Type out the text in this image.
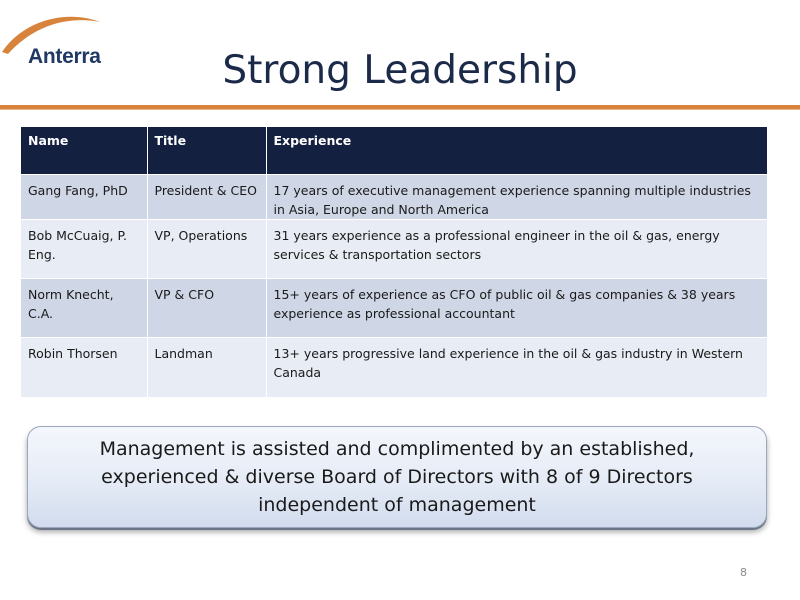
Anterra	Strong Leadership
Name	Title	Experience
Gang Fang, PhD	President & CEO	17 years of executive management experience spanning multiple industries in Asia, Europe and North America
Bob McCuaig, P. Eng.	VP, Operations	31 years experience as a professional engineer in the oil & gas, energy services & transportation sectors
Norm Knecht, C.A.	VP & CFO	15+ years of experience as CFO of public oil & gas companies & 38 years experience as professional accountant
Robin Thorsen	Landman	13+ years progressive land experience in the oil & gas industry in Western Canada
Management is assisted and complimented by an established, experienced & diverse Board of Directors with 8 of 9 Directors independent of management
8
